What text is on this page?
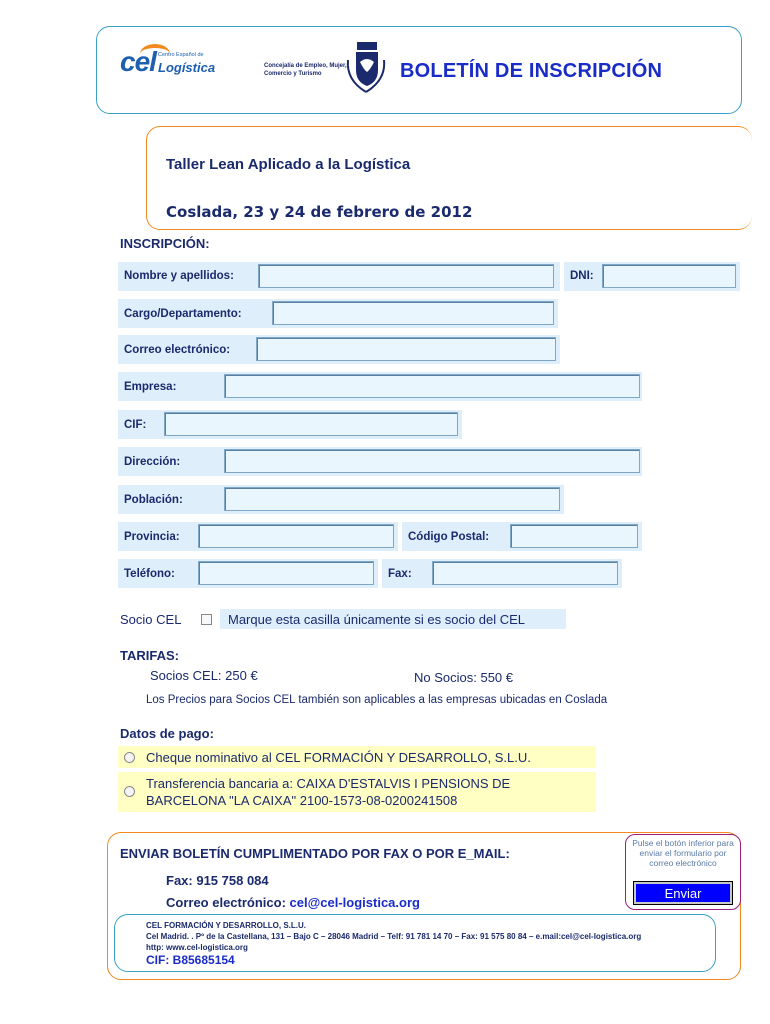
cel Centro Español de
Logística	Concejalía de Empleo, Mujer, Comercio y Turismo	BOLETÍN DE INSCRIPCIÓN
Taller Lean Aplicado a la Logística
Coslada, 23 y 24 de febrero de 2012
INSCRIPCIÓN:
Nombre y apellidos:	DNI:
Cargo/Departamento:
Correo electrónico:
Empresa:
CIF:
Dirección:
Población:
Provincia:	Código Postal:
Teléfono:	Fax:
Socio CEL	Marque esta casilla únicamente si es socio del CEL
TARIFAS:
Socios CEL: 250 €	No Socios: 550 €
Los Precios para Socios CEL también son aplicables a las empresas ubicadas en Coslada
Datos de pago:
Cheque nominativo al CEL FORMACIÓN Y DESARROLLO, S.L.U.
Transferencia bancaria a: CAIXA D'ESTALVIS I PENSIONS DE
BARCELONA "LA CAIXA" 2100-1573-08-0200241508
ENVIAR BOLETÍN CUMPLIMENTADO POR FAX O POR E_MAIL:
Fax: 915 758 084
Correo electrónico: cel@cel-logistica.org
Pulse el botón inferior para enviar el formulario por correo electrónico
Enviar
CEL FORMACIÓN Y DESARROLLO, S.L.U.
Cel Madrid. . Pº de la Castellana, 131 – Bajo C – 28046 Madrid – Telf: 91 781 14 70 – Fax: 91 575 80 84 – e.mail:cel@cel-logistica.org
http: www.cel-logistica.org
CIF: B85685154
